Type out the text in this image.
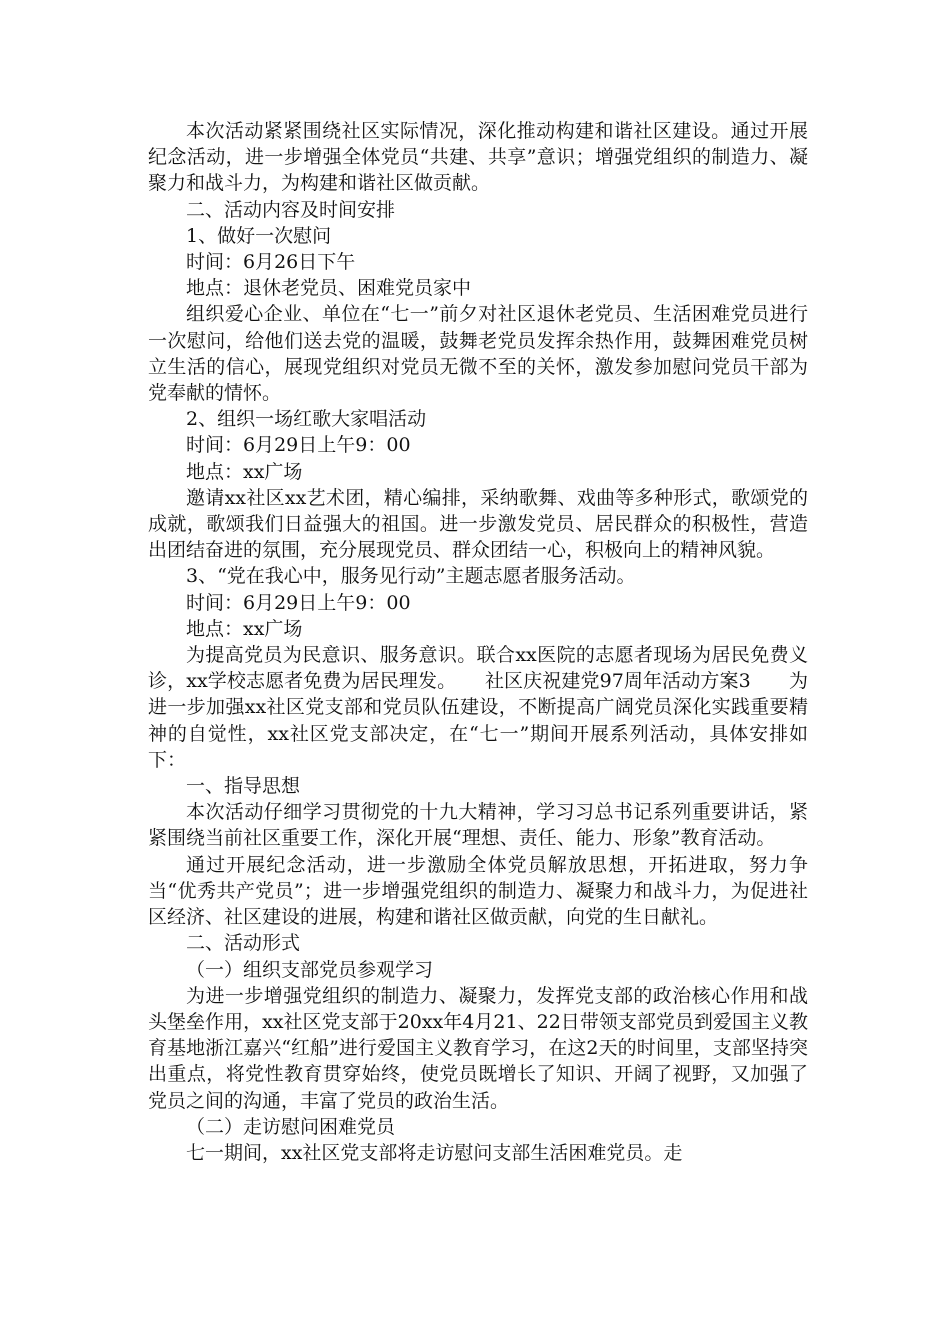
本次活动紧紧围绕社区实际情况，深化推动构建和谐社区建设。通过开展纪念活动，进一步增强全体党员“共建、共享”意识；增强党组织的制造力、凝聚力和战斗力，为构建和谐社区做贡献。

二、活动内容及时间安排

1、做好一次慰问

时间：6月26日下午

地点：退休老党员、困难党员家中

组织爱心企业、单位在“七一”前夕对社区退休老党员、生活困难党员进行一次慰问，给他们送去党的温暖，鼓舞老党员发挥余热作用，鼓舞困难党员树立生活的信心，展现党组织对党员无微不至的关怀，激发参加慰问党员干部为党奉献的情怀。

2、组织一场红歌大家唱活动

时间：6月29日上午9：00

地点：xx广场

邀请xx社区xx艺术团，精心编排，采纳歌舞、戏曲等多种形式，歌颂党的成就，歌颂我们日益强大的祖国。进一步激发党员、居民群众的积极性，营造出团结奋进的氛围，充分展现党员、群众团结一心，积极向上的精神风貌。

3、“党在我心中，服务见行动”主题志愿者服务活动。

时间：6月29日上午9：00

地点：xx广场

为提高党员为民意识、服务意识。联合xx医院的志愿者现场为居民免费义诊，xx学校志愿者免费为居民理发。　　社区庆祝建党97周年活动方案3　　为进一步加强xx社区党支部和党员队伍建设，不断提高广阔党员深化实践重要精神的自觉性，xx社区党支部决定，在“七一”期间开展系列活动，具体安排如下：

一、指导思想

本次活动仔细学习贯彻党的十九大精神，学习习总书记系列重要讲话，紧紧围绕当前社区重要工作，深化开展“理想、责任、能力、形象”教育活动。

通过开展纪念活动，进一步激励全体党员解放思想，开拓进取，努力争当“优秀共产党员”；进一步增强党组织的制造力、凝聚力和战斗力，为促进社区经济、社区建设的进展，构建和谐社区做贡献，向党的生日献礼。

二、活动形式

（一）组织支部党员参观学习

为进一步增强党组织的制造力、凝聚力，发挥党支部的政治核心作用和战头堡垒作用，xx社区党支部于20xx年4月21、22日带领支部党员到爱国主义教育基地浙江嘉兴“红船”进行爱国主义教育学习，在这2天的时间里，支部坚持突出重点，将党性教育贯穿始终，使党员既增长了知识、开阔了视野，又加强了党员之间的沟通，丰富了党员的政治生活。

（二）走访慰问困难党员

七一期间，xx社区党支部将走访慰问支部生活困难党员。走
